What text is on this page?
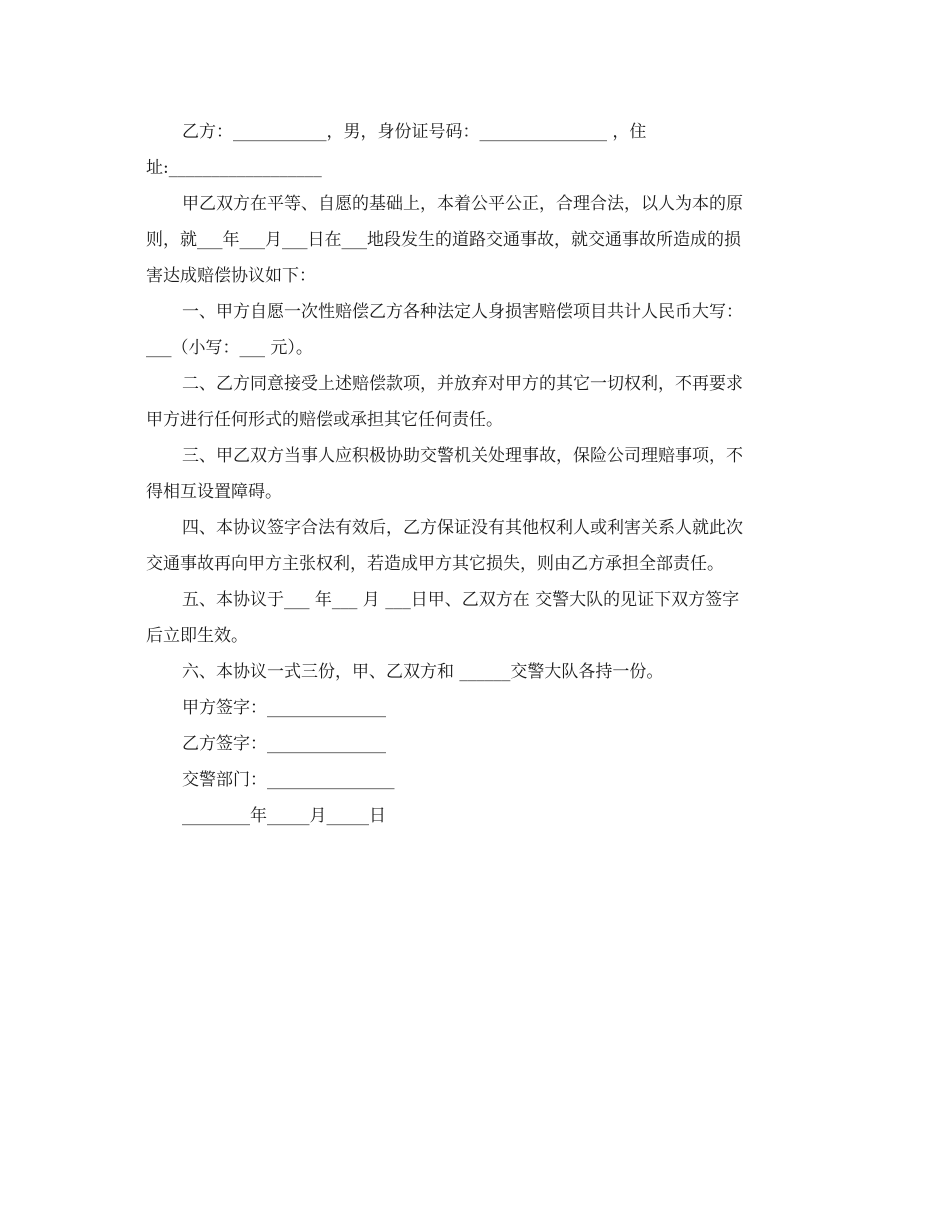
乙方：___________，男，身份证号码：_______________ ，住
址:__________________
甲乙双方在平等、自愿的基础上，本着公平公正，合理合法，以人为本的原
则，就___年___月___日在___地段发生的道路交通事故，就交通事故所造成的损
害达成赔偿协议如下：
一、甲方自愿一次性赔偿乙方各种法定人身损害赔偿项目共计人民币大写：
___（小写：___ 元）。
二、乙方同意接受上述赔偿款项，并放弃对甲方的其它一切权利，不再要求
甲方进行任何形式的赔偿或承担其它任何责任。
三、甲乙双方当事人应积极协助交警机关处理事故，保险公司理赔事项，不
得相互设置障碍。
四、本协议签字合法有效后，乙方保证没有其他权利人或利害关系人就此次
交通事故再向甲方主张权利，若造成甲方其它损失，则由乙方承担全部责任。
五、本协议于___ 年___ 月 ___日甲、乙双方在 交警大队的见证下双方签字
后立即生效。
六、本协议一式三份，甲、乙双方和 ______交警大队各持一份。
甲方签字：______________
乙方签字：______________
交警部门：_______________
________年_____月_____日
